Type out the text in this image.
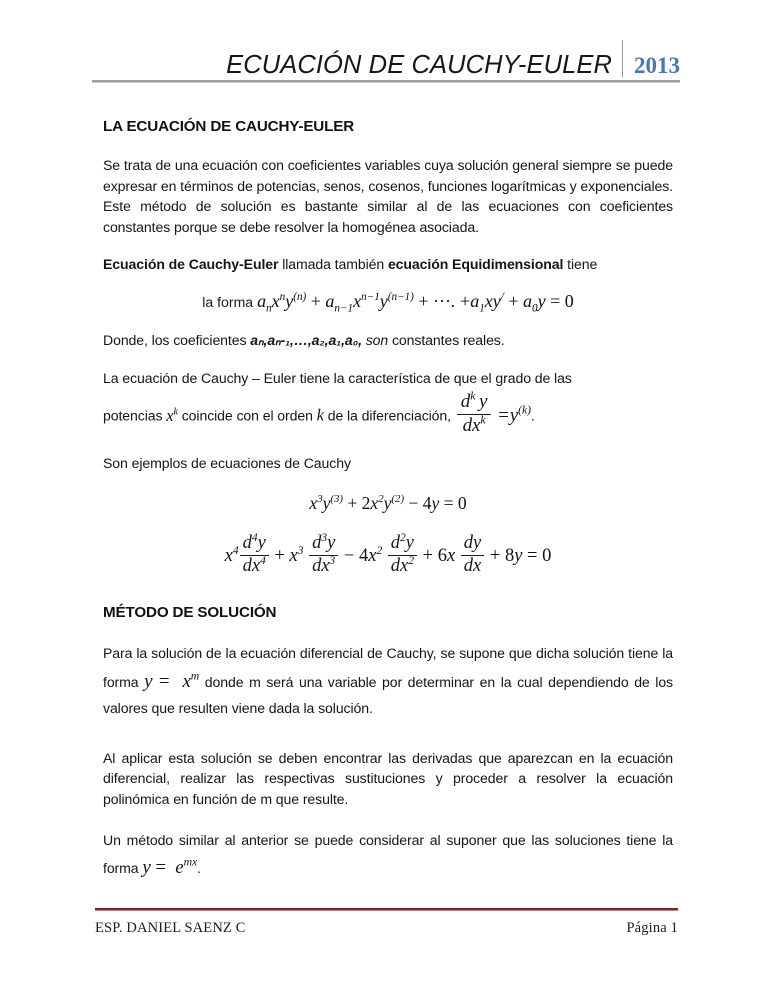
ECUACIÓN DE CAUCHY-EULER 2013
LA ECUACIÓN DE CAUCHY-EULER

Se trata de una ecuación con coeficientes variables cuya solución general siempre se puede expresar en términos de potencias, senos, cosenos, funciones logarítmicas y exponenciales. Este método de solución es bastante similar al de las ecuaciones con coeficientes constantes porque se debe resolver la homogénea asociada.

Ecuación de Cauchy-Euler llamada también ecuación Equidimensional tiene

la forma $a_nx^ny^{(n)} + a_{n-1}x^{n-1}y^{(n-1)}$ + ···. $+a_1xy^/ + a_0y = 0$

Donde, los coeficientes aₙ,aₙ-₁,…,a₂,a₁,a₀, son constantes reales.

La ecuación de Cauchy – Euler tiene la característica de que el grado de las

potencias $x^k$ coincide con el orden k de la diferenciación,
$d^k$ y
$dx^k =y^{(k)}$.

Son ejemplos de ecuaciones de Cauchy

$x^3y^{(3)} + 2x^2y^{(2)} - 4y = 0$
$x^4 \frac{d^4y}{dx^4} + x^3 \frac{d^3y}{dx^3} - 4x^2 \frac{d^2y}{dx^2} + 6x \frac{dy}{dx} + 8y = 0$
MÉTODO DE SOLUCIÓN

Para la solución de la ecuación diferencial de Cauchy, se supone que dicha solución tiene la forma $y = x^m$ donde m será una variable por determinar en la cual dependiendo de los valores que resulten viene dada la solución.

Al aplicar esta solución se deben encontrar las derivadas que aparezcan en la ecuación diferencial, realizar las respectivas sustituciones y proceder a resolver la ecuación polinómica en función de m que resulte.

Un método similar al anterior se puede considerar al suponer que las soluciones tiene la forma $y = e^{mx}$.

ESP. DANIEL SAENZ C	Página 1
